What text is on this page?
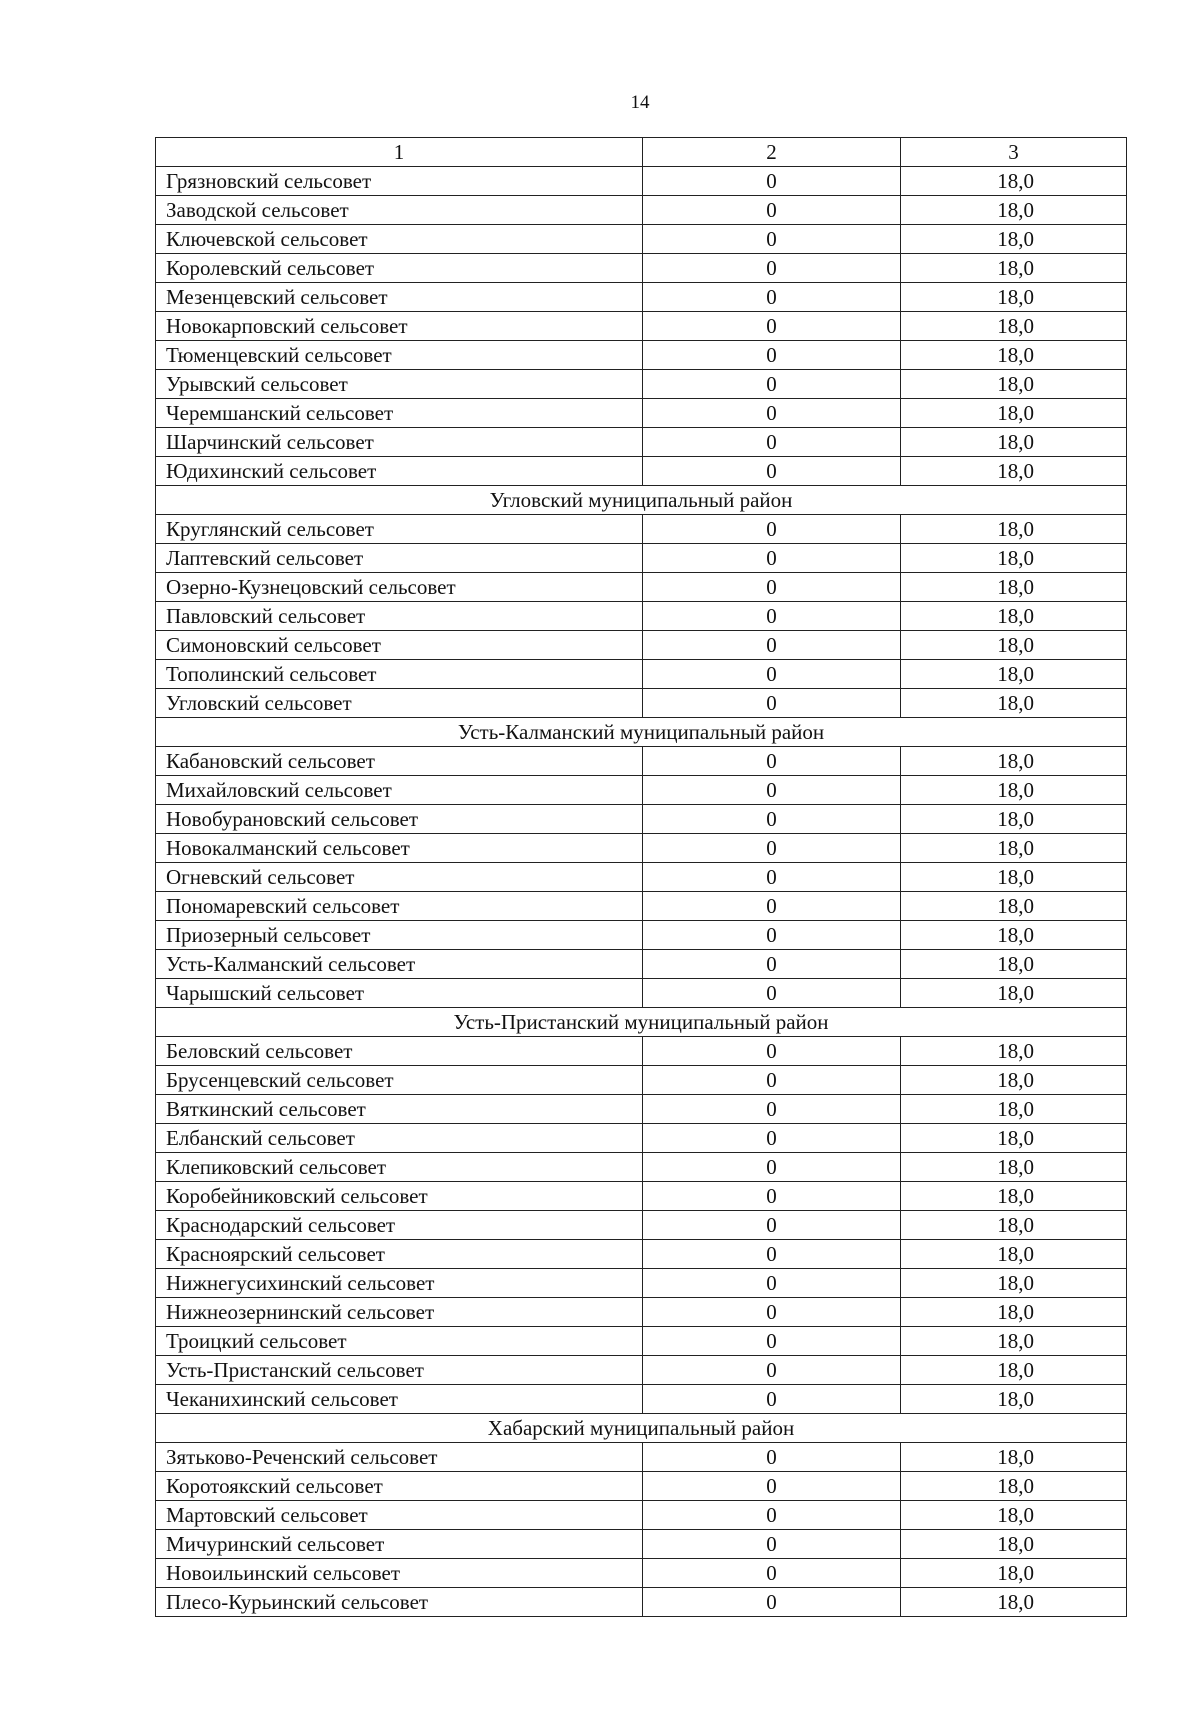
14
1	2	3
Грязновский сельсовет	0	18,0
Заводской сельсовет	0	18,0
Ключевской сельсовет	0	18,0
Королевский сельсовет	0	18,0
Мезенцевский сельсовет	0	18,0
Новокарповский сельсовет	0	18,0
Тюменцевский сельсовет	0	18,0
Урывский сельсовет	0	18,0
Черемшанский сельсовет	0	18,0
Шарчинский сельсовет	0	18,0
Юдихинский сельсовет	0	18,0
Угловский муниципальный район		
Круглянский сельсовет	0	18,0
Лаптевский сельсовет	0	18,0
Озерно-Кузнецовский сельсовет	0	18,0
Павловский сельсовет	0	18,0
Симоновский сельсовет	0	18,0
Тополинский сельсовет	0	18,0
Угловский сельсовет	0	18,0
Усть-Калманский муниципальный район		
Кабановский сельсовет	0	18,0
Михайловский сельсовет	0	18,0
Новобурановский сельсовет	0	18,0
Новокалманский сельсовет	0	18,0
Огневский сельсовет	0	18,0
Пономаревский сельсовет	0	18,0
Приозерный сельсовет	0	18,0
Усть-Калманский сельсовет	0	18,0
Чарышский сельсовет	0	18,0
Усть-Пристанский муниципальный район		
Беловский сельсовет	0	18,0
Брусенцевский сельсовет	0	18,0
Вяткинский сельсовет	0	18,0
Елбанский сельсовет	0	18,0
Клепиковский сельсовет	0	18,0
Коробейниковский сельсовет	0	18,0
Краснодарский сельсовет	0	18,0
Красноярский сельсовет	0	18,0
Нижнегусихинский сельсовет	0	18,0
Нижнеозернинский сельсовет	0	18,0
Троицкий сельсовет	0	18,0
Усть-Пристанский сельсовет	0	18,0
Чеканихинский сельсовет	0	18,0
Хабарский муниципальный район		
Зятьково-Реченский сельсовет	0	18,0
Коротоякский сельсовет	0	18,0
Мартовский сельсовет	0	18,0
Мичуринский сельсовет	0	18,0
Новоильинский сельсовет	0	18,0
Плесо-Курьинский сельсовет	0	18,0
